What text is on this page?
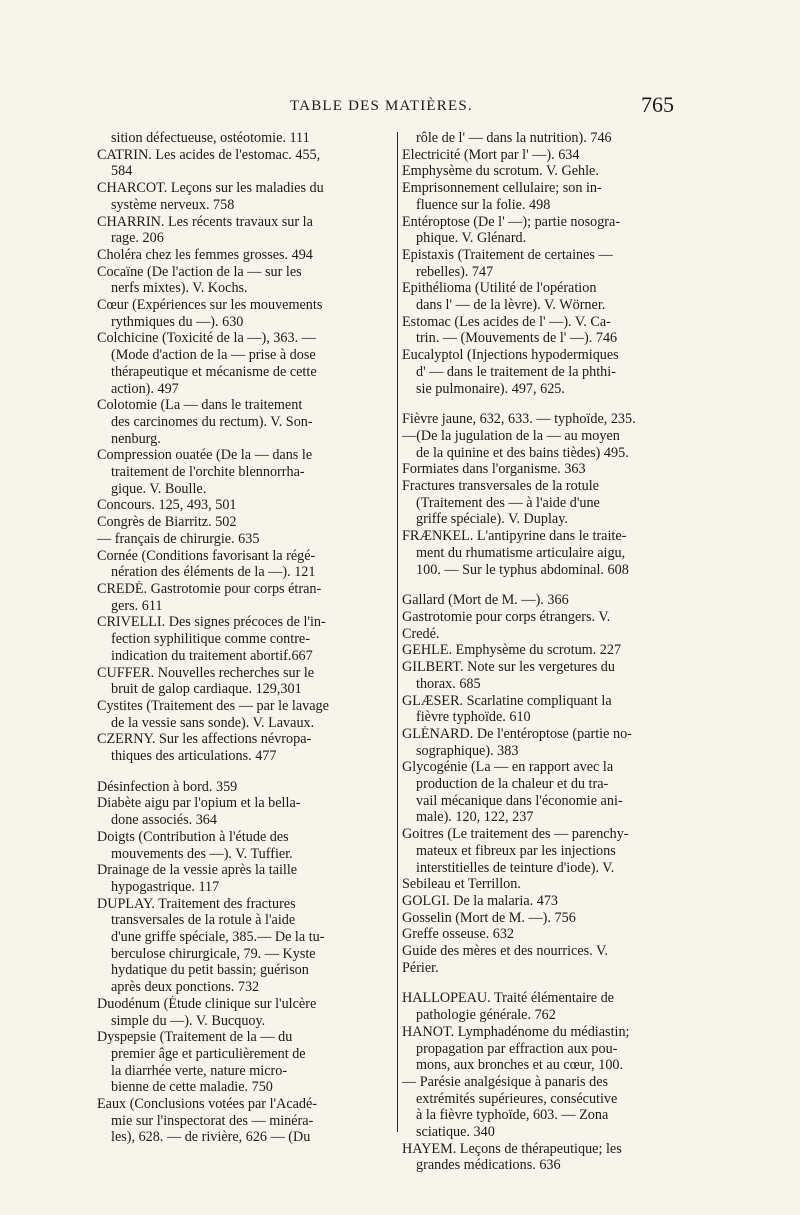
TABLE DES MATIÈRES.	765
sition défectueuse, ostéotomie. 111
CATRIN. Les acides de l'estomac. 455,
584
CHARCOT. Leçons sur les maladies du
système nerveux. 758
CHARRIN. Les récents travaux sur la
rage. 206
Choléra chez les femmes grosses. 494
Cocaïne (De l'action de la — sur les
nerfs mixtes). V. Kochs.
Cœur (Expériences sur les mouvements
rythmiques du —). 630
Colchicine (Toxicité de la —), 363. —
(Mode d'action de la — prise à dose
thérapeutique et mécanisme de cette
action). 497
Colotomie (La — dans le traitement
des carcinomes du rectum). V. Son-
nenburg.
Compression ouatée (De la — dans le
traitement de l'orchite blennorrha-
gique. V. Boulle.
Concours. 125, 493, 501
Congrès de Biarritz. 502
— français de chirurgie. 635
Cornée (Conditions favorisant la régé-
nération des éléments de la —). 121
CREDÉ. Gastrotomie pour corps étran-
gers. 611
CRIVELLI. Des signes précoces de l'in-
fection syphilitique comme contre-
indication du traitement abortif.667
CUFFER. Nouvelles recherches sur le
bruit de galop cardiaque. 129,301
Cystites (Traitement des — par le lavage
de la vessie sans sonde). V. Lavaux.
CZERNY. Sur les affections névropa-
thiques des articulations. 477
Désinfection à bord. 359
Diabète aigu par l'opium et la bella-
done associés. 364
Doigts (Contribution à l'étude des
mouvements des —). V. Tuffier.
Drainage de la vessie après la taille
hypogastrique. 117
DUPLAY. Traitement des fractures
transversales de la rotule à l'aide
d'une griffe spéciale, 385.— De la tu-
berculose chirurgicale, 79. — Kyste
hydatique du petit bassin; guérison
après deux ponctions. 732
Duodénum (Étude clinique sur l'ulcère
simple du —). V. Bucquoy.
Dyspepsie (Traitement de la — du
premier âge et particulièrement de
la diarrhée verte, nature micro-
bienne de cette maladie. 750
Eaux (Conclusions votées par l'Acadé-
mie sur l'inspectorat des — minéra-
les), 628. — de rivière, 626 — (Du
rôle de l' — dans la nutrition). 746
Electricité (Mort par l' —). 634
Emphysème du scrotum. V. Gehle.
Emprisonnement cellulaire; son in-
fluence sur la folie. 498
Entéroptose (De l' —); partie nosogra-
phique. V. Glénard.
Epistaxis (Traitement de certaines —
rebelles). 747
Epithélioma (Utilité de l'opération
dans l' — de la lèvre). V. Wörner.
Estomac (Les acides de l' —). V. Ca-
trin. — (Mouvements de l' —). 746
Eucalyptol (Injections hypodermiques
d' — dans le traitement de la phthi-
sie pulmonaire). 497, 625.
Fièvre jaune, 632, 633. — typhoïde, 235.
—(De la jugulation de la — au moyen
de la quinine et des bains tièdes) 495.
Formiates dans l'organisme. 363
Fractures transversales de la rotule
(Traitement des — à l'aide d'une
griffe spéciale). V. Duplay.
FRÆNKEL. L'antipyrine dans le traite-
ment du rhumatisme articulaire aigu,
100. — Sur le typhus abdominal. 608
Gallard (Mort de M. —). 366
Gastrotomie pour corps étrangers. V.
Credé.
GEHLE. Emphysème du scrotum. 227
GILBERT. Note sur les vergetures du
thorax. 685
GLÆSER. Scarlatine compliquant la
fièvre typhoïde. 610
GLÉNARD. De l'entéroptose (partie no-
sographique). 383
Glycogénie (La — en rapport avec la
production de la chaleur et du tra-
vail mécanique dans l'économie ani-
male). 120, 122, 237
Goitres (Le traitement des — parenchy-
mateux et fibreux par les injections
interstitielles de teinture d'iode). V.
Sebileau et Terrillon.
GOLGI. De la malaria. 473
Gosselin (Mort de M. —). 756
Greffe osseuse. 632
Guide des mères et des nourrices. V.
Périer.
HALLOPEAU. Traité élémentaire de
pathologie générale. 762
HANOT. Lymphadénome du médiastin;
propagation par effraction aux pou-
mons, aux bronches et au cœur, 100.
— Parésie analgésique à panaris des
extrémités supérieures, consécutive
à la fièvre typhoïde, 603. — Zona
sciatique. 340
HAYEM. Leçons de thérapeutique; les
grandes médications. 636
